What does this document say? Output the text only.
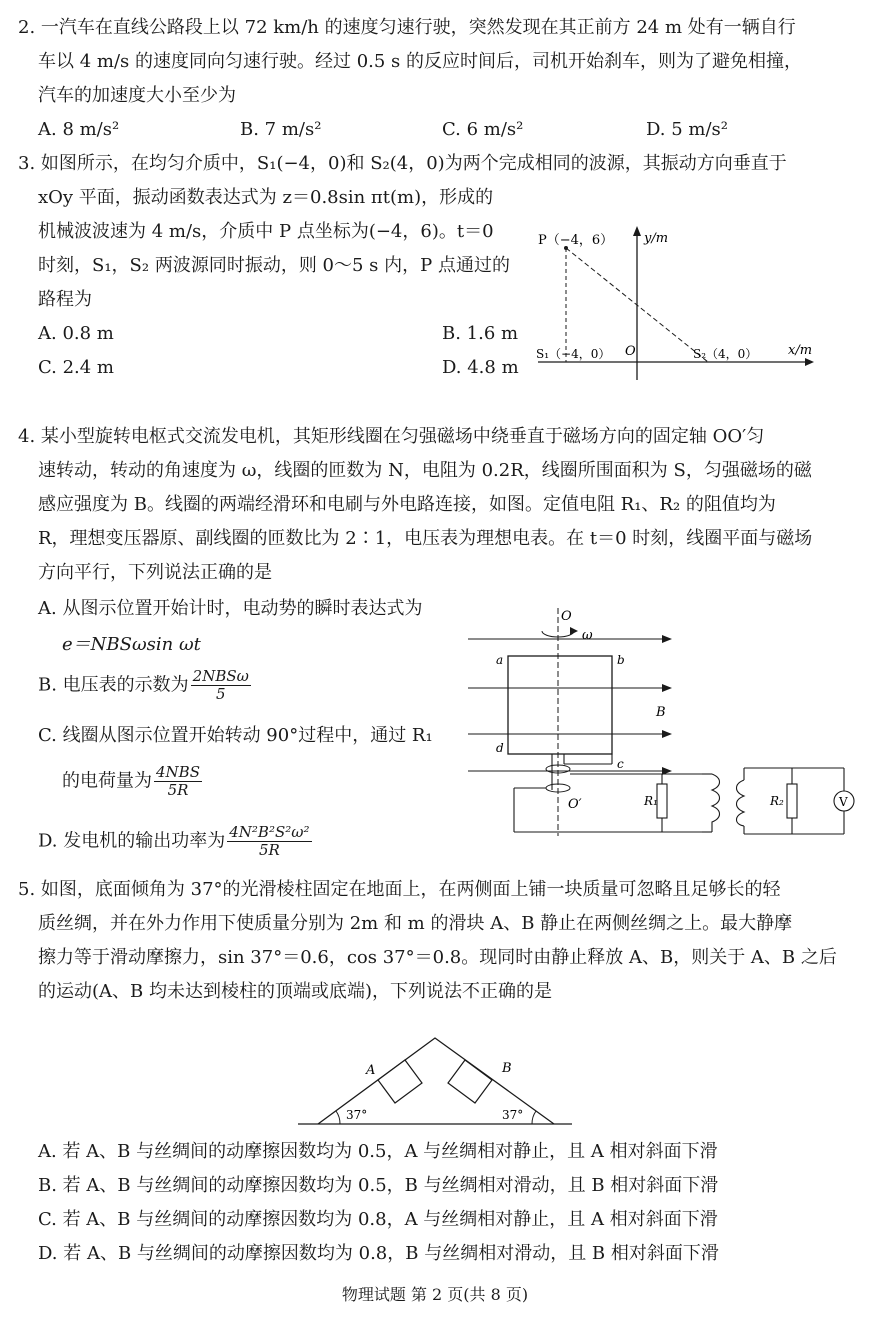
2. 一汽车在直线公路段上以 72 km/h 的速度匀速行驶，突然发现在其正前方 24 m 处有一辆自行
车以 4 m/s 的速度同向匀速行驶。经过 0.5 s 的反应时间后，司机开始刹车，则为了避免相撞，
汽车的加速度大小至少为
A. 8 m/s²	B. 7 m/s²	C. 6 m/s²	D. 5 m/s²
3. 如图所示，在均匀介质中，S₁(−4，0)和 S₂(4，0)为两个完成相同的波源，其振动方向垂直于
xOy 平面，振动函数表达式为 z＝0.8sin πt(m)，形成的
机械波波速为 4 m/s，介质中 P 点坐标为(−4，6)。t＝0
时刻，S₁，S₂ 两波源同时振动，则 0～5 s 内，P 点通过的
路程为
A. 0.8 m	B. 1.6 m
C. 2.4 m	D. 4.8 m
P（−4，6） y/m
x/m
O
S₁（−4，0）	S₂（4，0）
4. 某小型旋转电枢式交流发电机，其矩形线圈在匀强磁场中绕垂直于磁场方向的固定轴 OO′匀
速转动，转动的角速度为 ω，线圈的匝数为 N，电阻为 0.2R，线圈所围面积为 S，匀强磁场的磁
感应强度为 B。线圈的两端经滑环和电刷与外电路连接，如图。定值电阻 R₁、R₂ 的阻值均为
R，理想变压器原、副线圈的匝数比为 2∶1，电压表为理想电表。在 t＝0 时刻，线圈平面与磁场
方向平行，下列说法正确的是
A. 从图示位置开始计时，电动势的瞬时表达式为
e＝NBSωsin ωt
B. 电压表的示数为 $\frac{\text{2NBSω}}{5}$
C. 线圈从图示位置开始转动 90°过程中，通过 R₁
的电荷量为 $\frac{\text{4NBS}}{5R}$
D. 发电机的输出功率为 $\frac{\text{4N²B²S²ω²}}{5R}$
O
ω
a	b
d
c
B
O′	R₁	R₂	V
5. 如图，底面倾角为 37°的光滑棱柱固定在地面上，在两侧面上铺一块质量可忽略且足够长的轻
质丝绸，并在外力作用下使质量分别为 2m 和 m 的滑块 A、B 静止在两侧丝绸之上。最大静摩
擦力等于滑动摩擦力，sin 37°＝0.6，cos 37°＝0.8。现同时由静止释放 A、B，则关于 A、B 之后
的运动(A、B 均未达到棱柱的顶端或底端)，下列说法不正确的是
A	B
37°	37°
A. 若 A、B 与丝绸间的动摩擦因数均为 0.5，A 与丝绸相对静止，且 A 相对斜面下滑
B. 若 A、B 与丝绸间的动摩擦因数均为 0.5，B 与丝绸相对滑动，且 B 相对斜面下滑
C. 若 A、B 与丝绸间的动摩擦因数均为 0.8，A 与丝绸相对静止，且 A 相对斜面下滑
D. 若 A、B 与丝绸间的动摩擦因数均为 0.8，B 与丝绸相对滑动，且 B 相对斜面下滑
物理试题 第 2 页(共 8 页)
